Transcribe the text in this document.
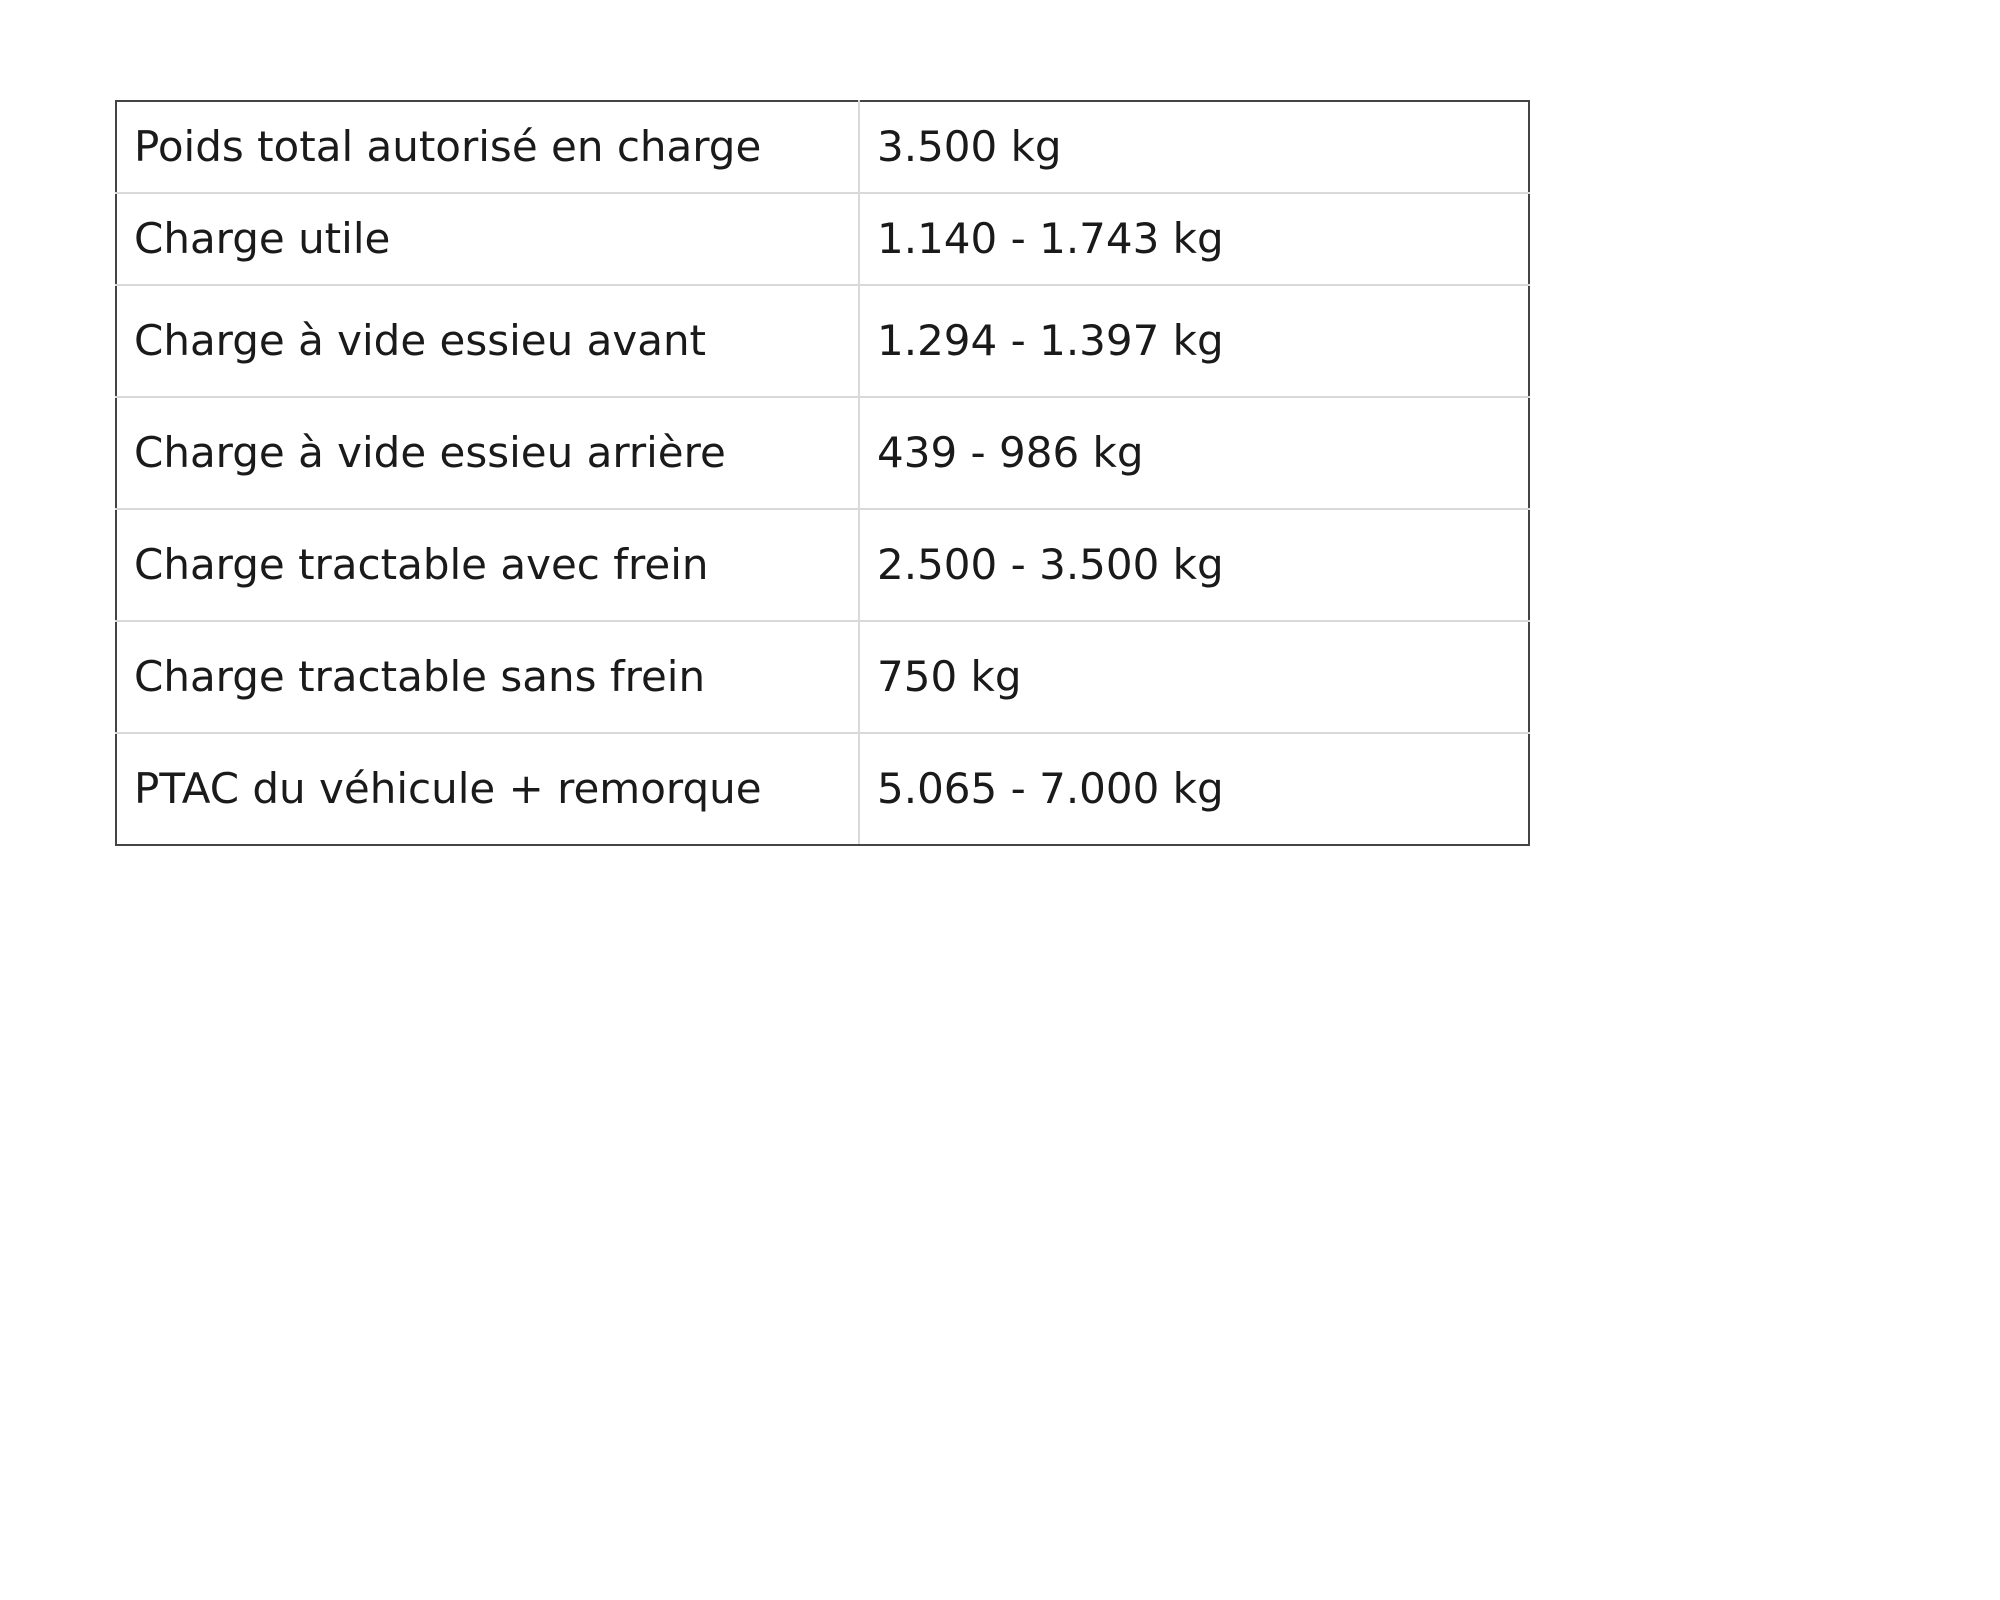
Poids total autorisé en charge	3.500 kg
Charge utile	1.140 - 1.743 kg
Charge à vide essieu avant	1.294 - 1.397 kg
Charge à vide essieu arrière	439 - 986 kg
Charge tractable avec frein	2.500 - 3.500 kg
Charge tractable sans frein	750 kg
PTAC du véhicule + remorque	5.065 - 7.000 kg
